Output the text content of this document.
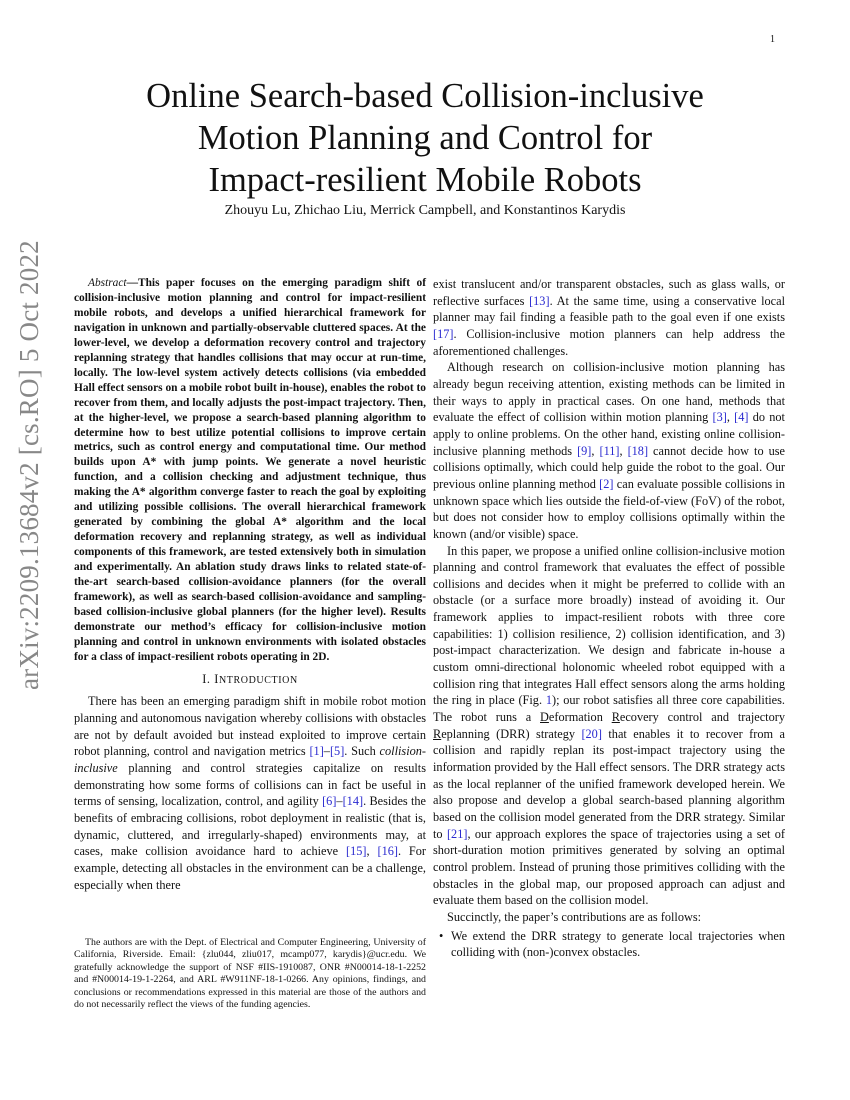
1
arXiv:2209.13684v2 [cs.RO] 5 Oct 2022
Online Search-based Collision-inclusive
Motion Planning and Control for
Impact-resilient Mobile Robots
Zhouyu Lu, Zhichao Liu, Merrick Campbell, and Konstantinos Karydis

Abstract—This paper focuses on the emerging paradigm shift of collision-inclusive motion planning and control for impact-resilient mobile robots, and develops a unified hierarchical framework for navigation in unknown and partially-observable cluttered spaces. At the lower-level, we develop a deformation recovery control and trajectory replanning strategy that handles collisions that may occur at run-time, locally. The low-level system actively detects collisions (via embedded Hall effect sensors on a mobile robot built in-house), enables the robot to recover from them, and locally adjusts the post-impact trajectory. Then, at the higher-level, we propose a search-based planning algorithm to determine how to best utilize potential collisions to improve certain metrics, such as control energy and computational time. Our method builds upon A* with jump points. We generate a novel heuristic function, and a collision checking and adjustment technique, thus making the A* algorithm converge faster to reach the goal by exploiting and utilizing possible collisions. The overall hierarchical framework generated by combining the global A* algorithm and the local deformation recovery and replanning strategy, as well as individual components of this framework, are tested extensively both in simulation and experimentally. An ablation study draws links to related state-of-the-art search-based collision-avoidance planners (for the overall framework), as well as search-based collision-avoidance and sampling-based collision-inclusive global planners (for the higher level). Results demonstrate our method’s efficacy for collision-inclusive motion planning and control in unknown environments with isolated obstacles for a class of impact-resilient robots operating in 2D.

I. INTRODUCTION

There has been an emerging paradigm shift in mobile robot motion planning and autonomous navigation whereby collisions with obstacles are not by default avoided but instead exploited to improve certain robot planning, control and navigation metrics [1]–[5]. Such collision-inclusive planning and control strategies capitalize on results demonstrating how some forms of collisions can in fact be useful in terms of sensing, localization, control, and agility [6]–[14]. Besides the benefits of embracing collisions, robot deployment in realistic (that is, dynamic, cluttered, and irregularly-shaped) environments may, at cases, make collision avoidance hard to achieve [15], [16]. For example, detecting all obstacles in the environment can be a challenge, especially when there

The authors are with the Dept. of Electrical and Computer Engineering, University of California, Riverside. Email: {zlu044, zliu017, mcamp077, karydis}@ucr.edu. We gratefully acknowledge the support of NSF #IIS-1910087, ONR #N00014-18-1-2252 and #N00014-19-1-2264, and ARL #W911NF-18-1-0266. Any opinions, findings, and conclusions or recommendations expressed in this material are those of the authors and do not necessarily reflect the views of the funding agencies.

exist translucent and/or transparent obstacles, such as glass walls, or reflective surfaces [13]. At the same time, using a conservative local planner may fail finding a feasible path to the goal even if one exists [17]. Collision-inclusive motion planners can help address the aforementioned challenges.

Although research on collision-inclusive motion planning has already begun receiving attention, existing methods can be limited in their ways to apply in practical cases. On one hand, methods that evaluate the effect of collision within motion planning [3], [4] do not apply to online problems. On the other hand, existing online collision-inclusive planning methods [9], [11], [18] cannot decide how to use collisions optimally, which could help guide the robot to the goal. Our previous online planning method [2] can evaluate possible collisions in unknown space which lies outside the field-of-view (FoV) of the robot, but does not consider how to employ collisions optimally within the known (and/or visible) space.

In this paper, we propose a unified online collision-inclusive motion planning and control framework that evaluates the effect of possible collisions and decides when it might be preferred to collide with an obstacle (or a surface more broadly) instead of avoiding it. Our framework applies to impact-resilient robots with three core capabilities: 1) collision resilience, 2) collision identification, and 3) post-impact characterization. We design and fabricate in-house a custom omni-directional holonomic wheeled robot equipped with a collision ring that integrates Hall effect sensors along the arms holding the ring in place (Fig. 1); our robot satisfies all three core capabilities. The robot runs a Deformation Recovery control and trajectory Replanning (DRR) strategy [20] that enables it to recover from a collision and rapidly replan its post-impact trajectory using the information provided by the Hall effect sensors. The DRR strategy acts as the local replanner of the unified framework developed herein. We also propose and develop a global search-based planning algorithm based on the collision model generated from the DRR strategy. Similar to [21], our approach explores the space of trajectories using a set of short-duration motion primitives generated by solving an optimal control problem. Instead of pruning those primitives colliding with the obstacles in the global map, our proposed approach can adjust and evaluate them based on the collision model.

Succinctly, the paper’s contributions are as follows:

• We extend the DRR strategy to generate local trajectories when colliding with (non-)convex obstacles.
